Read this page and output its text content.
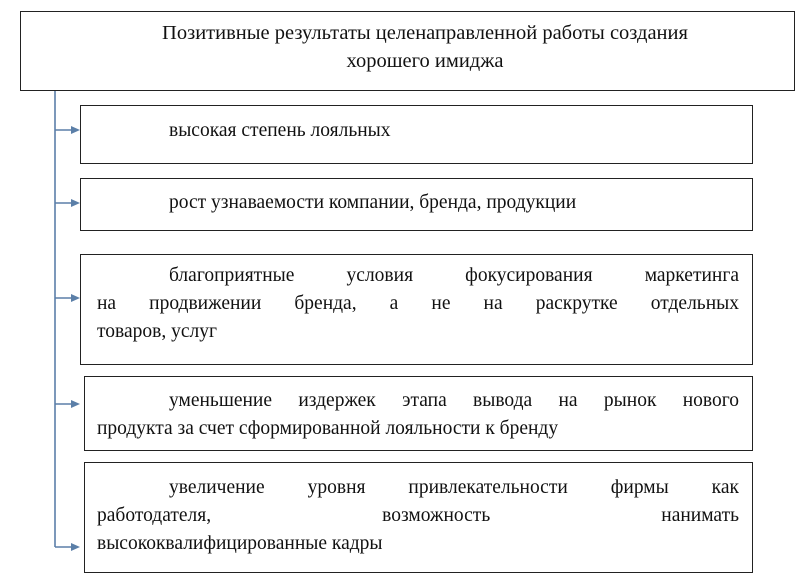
Позитивные результаты целенаправленной работы создания
хорошего имиджа
высокая степень лояльных
рост узнаваемости компании, бренда, продукции
благоприятные условия фокусирования маркетинга
на продвижении бренда, а не на раскрутке отдельных
товаров, услуг
уменьшение издержек этапа вывода на рынок нового
продукта за счет сформированной лояльности к бренду
увеличение уровня привлекательности фирмы как
работодателя, возможность нанимать
высококвалифицированные кадры
